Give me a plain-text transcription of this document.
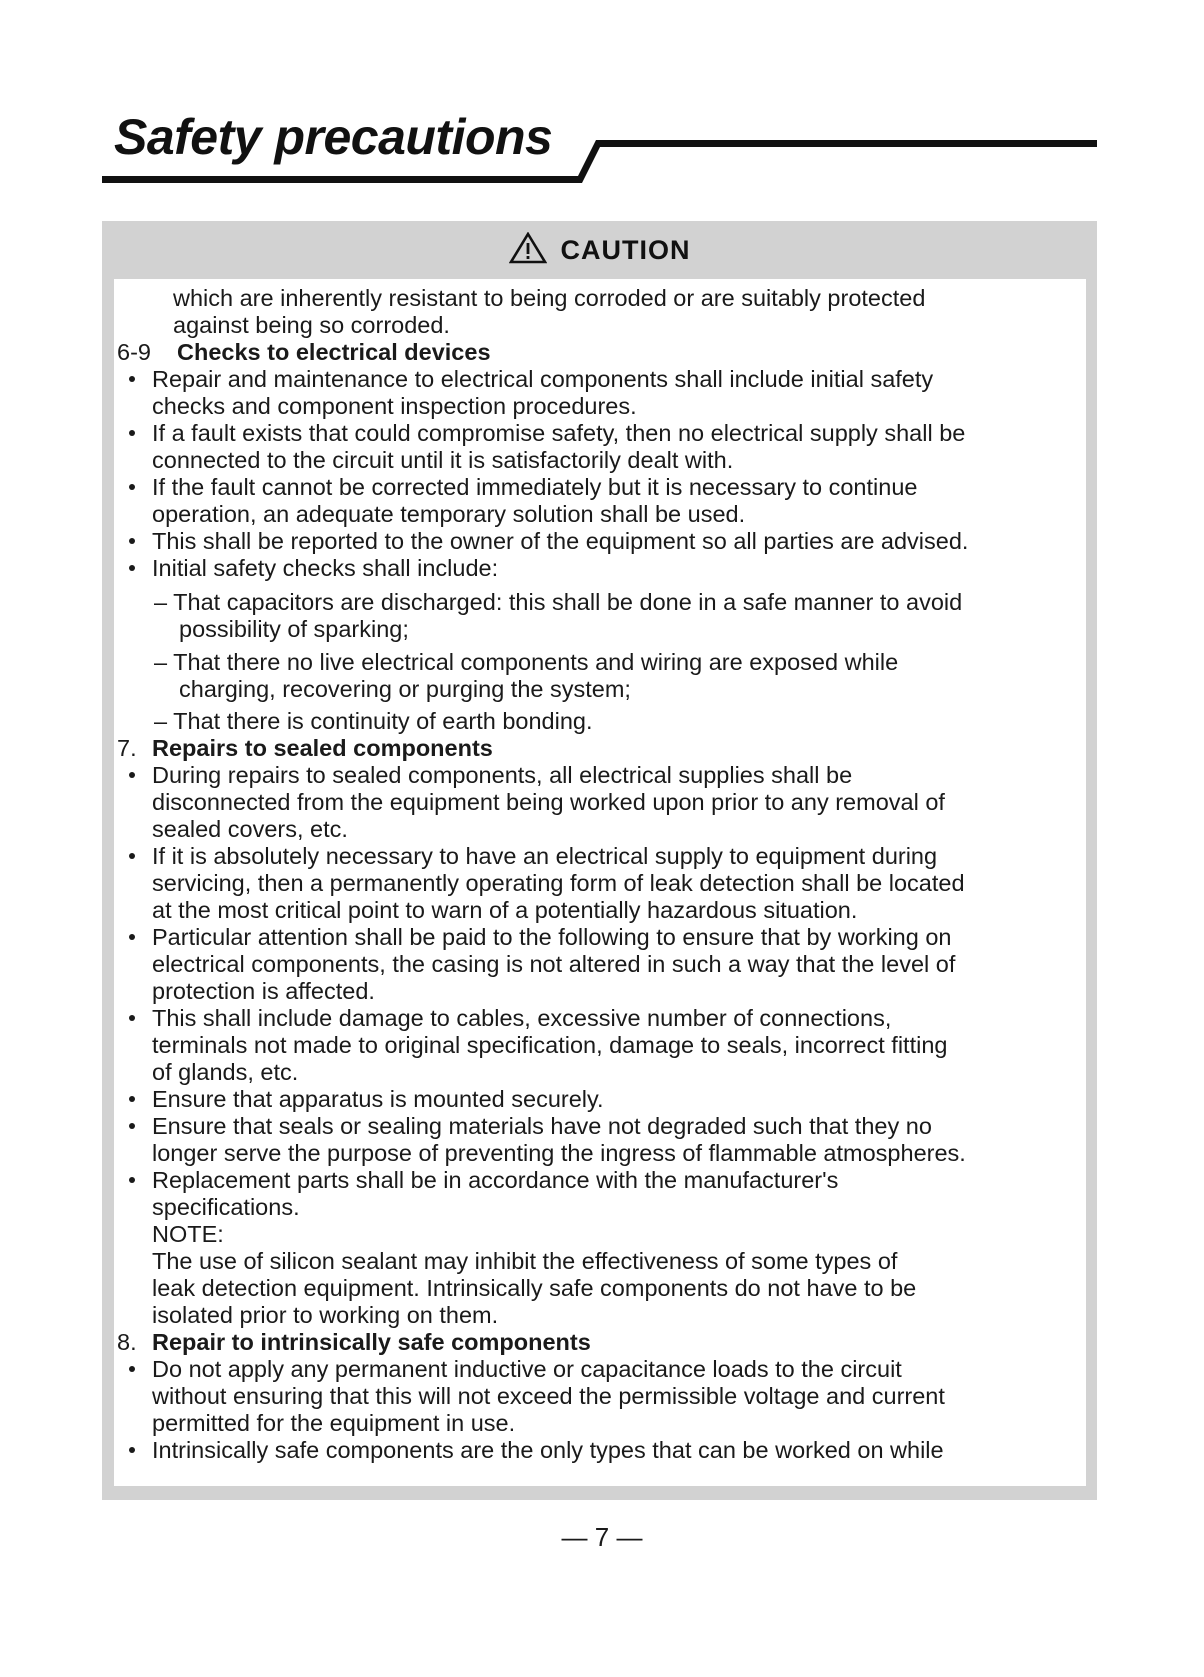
Safety precautions
CAUTION
which are inherently resistant to being corroded or are suitably protected
against being so corroded.
6-9 Checks to electrical devices
Repair and maintenance to electrical components shall include initial safety
checks and component inspection procedures.
If a fault exists that could compromise safety, then no electrical supply shall be
connected to the circuit until it is satisfactorily dealt with.
If the fault cannot be corrected immediately but it is necessary to continue
operation, an adequate temporary solution shall be used.
This shall be reported to the owner of the equipment so all parties are advised.
Initial safety checks shall include:
– That capacitors are discharged: this shall be done in a safe manner to avoid
possibility of sparking;
– That there no live electrical components and wiring are exposed while
charging, recovering or purging the system;
– That there is continuity of earth bonding.
7. Repairs to sealed components
During repairs to sealed components, all electrical supplies shall be
disconnected from the equipment being worked upon prior to any removal of
sealed covers, etc.
If it is absolutely necessary to have an electrical supply to equipment during
servicing, then a permanently operating form of leak detection shall be located
at the most critical point to warn of a potentially hazardous situation.
Particular attention shall be paid to the following to ensure that by working on
electrical components, the casing is not altered in such a way that the level of
protection is affected.
This shall include damage to cables, excessive number of connections,
terminals not made to original specification, damage to seals, incorrect fitting
of glands, etc.
Ensure that apparatus is mounted securely.
Ensure that seals or sealing materials have not degraded such that they no
longer serve the purpose of preventing the ingress of flammable atmospheres.
Replacement parts shall be in accordance with the manufacturer's
specifications.
NOTE:
The use of silicon sealant may inhibit the effectiveness of some types of
leak detection equipment. Intrinsically safe components do not have to be
isolated prior to working on them.
8. Repair to intrinsically safe components
Do not apply any permanent inductive or capacitance loads to the circuit
without ensuring that this will not exceed the permissible voltage and current
permitted for the equipment in use.
Intrinsically safe components are the only types that can be worked on while
— 7 —
